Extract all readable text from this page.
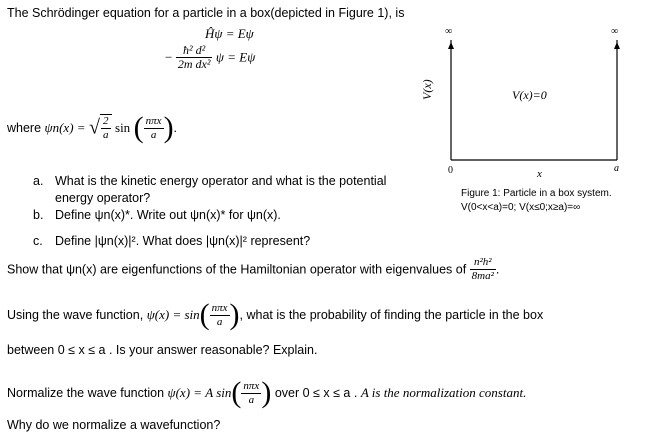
The Schrödinger equation for a particle in a box(depicted in Figure 1), is
Ĥψ = Eψ
− $\frac{\text{ħ² d²}}{\text{2m dx²}}$ ψ = Eψ
where ψn(x) = √ $\frac{2}{a}$ sin ( $\frac{\text{nπx}}{a}$ ).
∞	∞
V(x)	V(x)=0
0	x	a
Figure 1: Particle in a box system.
V(0<x<a)=0; V(x≤0;x≥a)=∞
a. What is the kinetic energy operator and what is the potential
energy operator?
b. Define ψn(x)*. Write out ψn(x)* for ψn(x).
c. Define |ψn(x)|². What does |ψn(x)|² represent?
Show that ψn(x) are eigenfunctions of the Hamiltonian operator with eigenvalues of $\frac{\text{n²h²}}{\text{8ma²}}$ .
Using the wave function, $\psi(x) = \sin( \frac{\text{nπx}}{a}$ ), what is the probability of finding the particle in the box
between 0 ≤ x ≤ a . Is your answer reasonable? Explain.
Normalize the wave function ψ(x) = A $\sin( \frac{\text{nπx}}{a}$ ) over 0 ≤ x ≤ a . A is the normalization constant.
Why do we normalize a wavefunction?
